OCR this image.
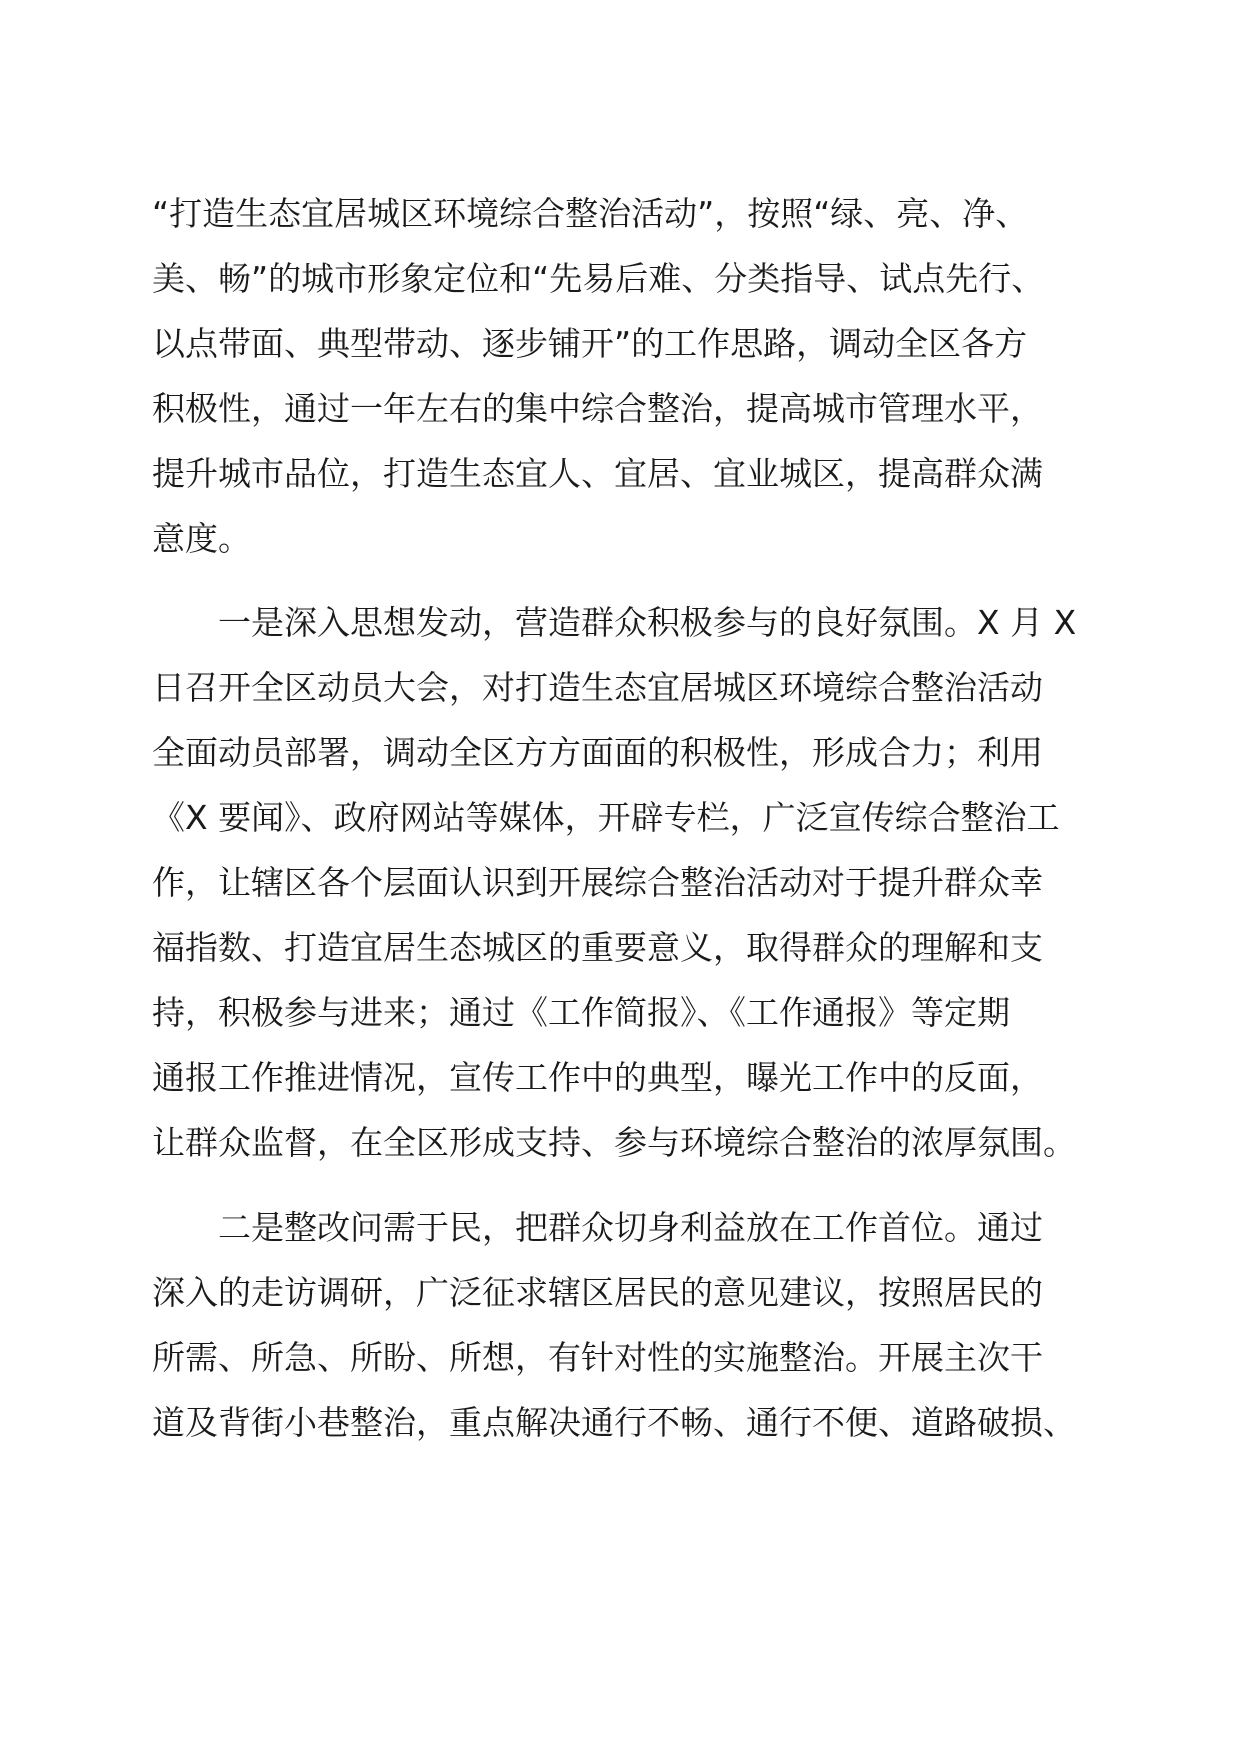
“打造生态宜居城区环境综合整治活动”，按照“绿、亮、净、
美、畅”的城市形象定位和“先易后难、分类指导、试点先行、
以点带面、典型带动、逐步铺开”的工作思路，调动全区各方
积极性，通过一年左右的集中综合整治，提高城市管理水平，
提升城市品位，打造生态宜人、宜居、宜业城区，提高群众满
意度。
一是深入思想发动，营造群众积极参与的良好氛围。X 月 X
日召开全区动员大会，对打造生态宜居城区环境综合整治活动
全面动员部署，调动全区方方面面的积极性，形成合力；利用
《X 要闻》、政府网站等媒体，开辟专栏，广泛宣传综合整治工
作，让辖区各个层面认识到开展综合整治活动对于提升群众幸
福指数、打造宜居生态城区的重要意义，取得群众的理解和支
持，积极参与进来；通过《工作简报》、《工作通报》等定期
通报工作推进情况，宣传工作中的典型，曝光工作中的反面，
让群众监督，在全区形成支持、参与环境综合整治的浓厚氛围。
二是整改问需于民，把群众切身利益放在工作首位。通过
深入的走访调研，广泛征求辖区居民的意见建议，按照居民的
所需、所急、所盼、所想，有针对性的实施整治。开展主次干
道及背街小巷整治，重点解决通行不畅、通行不便、道路破损、
